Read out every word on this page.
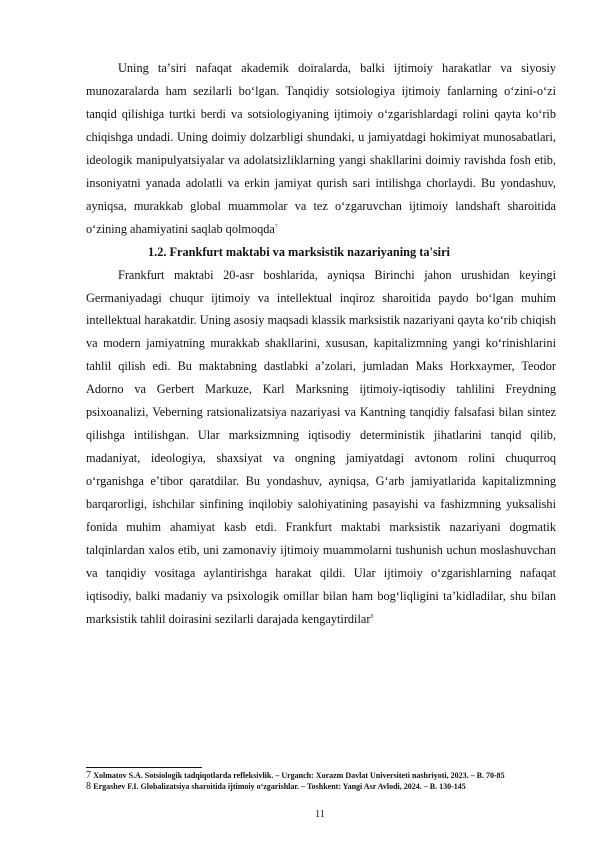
Uning taʼsiri nafaqat akademik doiralarda, balki ijtimoiy harakatlar va siyosiy munozaralarda ham sezilarli boʻlgan. Tanqidiy sotsiologiya ijtimoiy fanlarning oʻzini-oʻzi tanqid qilishiga turtki berdi va sotsiologiyaning ijtimoiy oʻzgarishlardagi rolini qayta koʻrib chiqishga undadi. Uning doimiy dolzarbligi shundaki, u jamiyatdagi hokimiyat munosabatlari, ideologik manipulyatsiyalar va adolatsizliklarning yangi shakllarini doimiy ravishda fosh etib, insoniyatni yanada adolatli va erkin jamiyat qurish sari intilishga chorlaydi. Bu yondashuv, ayniqsa, murakkab global muammolar va tez oʻzgaruvchan ijtimoiy landshaft sharoitida oʻzining ahamiyatini saqlab qolmoqda$^7$

1.2. Frankfurt maktabi va marksistik nazariyaning ta'siri

Frankfurt maktabi 20-asr boshlarida, ayniqsa Birinchi jahon urushidan keyingi Germaniyadagi chuqur ijtimoiy va intellektual inqiroz sharoitida paydo boʻlgan muhim intellektual harakatdir. Uning asosiy maqsadi klassik marksistik nazariyani qayta koʻrib chiqish va modern jamiyatning murakkab shakllarini, xususan, kapitalizmning yangi koʻrinishlarini tahlil qilish edi. Bu maktabning dastlabki a’zolari, jumladan Maks Horkxaymer, Teodor Adorno va Gerbert Markuze, Karl Marksning ijtimoiy-iqtisodiy tahlilini Freydning psixoanalizi, Veberning ratsionalizatsiya nazariyasi va Kantning tanqidiy falsafasi bilan sintez qilishga intilishgan. Ular marksizmning iqtisodiy deterministik jihatlarini tanqid qilib, madaniyat, ideologiya, shaxsiyat va ongning jamiyatdagi avtonom rolini chuqurroq oʻrganishga eʼtibor qaratdilar. Bu yondashuv, ayniqsa, Gʻarb jamiyatlarida kapitalizmning barqarorligi, ishchilar sinfining inqilobiy salohiyatining pasayishi va fashizmning yuksalishi fonida muhim ahamiyat kasb etdi. Frankfurt maktabi marksistik nazariyani dogmatik talqinlardan xalos etib, uni zamonaviy ijtimoiy muammolarni tushunish uchun moslashuvchan va tanqidiy vositaga aylantirishga harakat qildi. Ular ijtimoiy oʻzgarishlarning nafaqat iqtisodiy, balki madaniy va psixologik omillar bilan ham bogʻliqligini taʼkidladilar, shu bilan marksistik tahlil doirasini sezilarli darajada kengaytirdilar$^8$

7 Xolmatov S.A. Sotsiologik tadqiqotlarda refleksivlik. – Urganch: Xorazm Davlat Universiteti nashriyoti, 2023. – B. 70-85

8 Ergashev F.I. Globalizatsiya sharoitida ijtimoiy oʻzgarishlar. – Toshkent: Yangi Asr Avlodi, 2024. – B. 130-145

11
